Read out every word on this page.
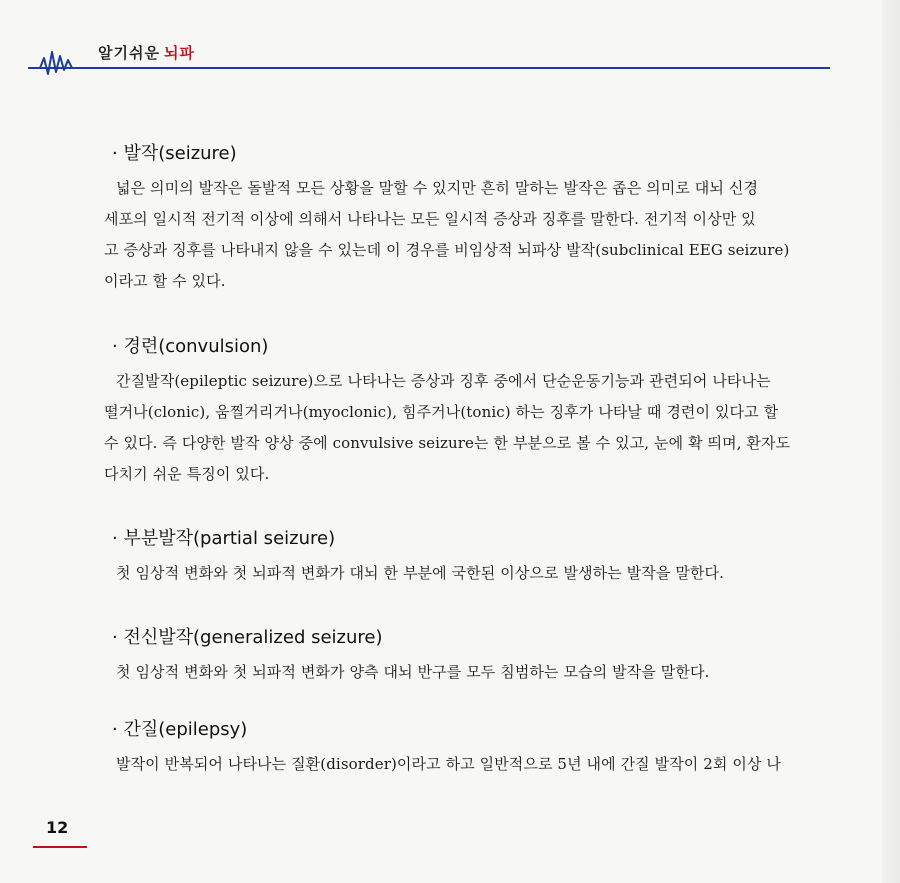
알기쉬운 뇌파
· 발작(seizure)
넓은 의미의 발작은 돌발적 모든 상황을 말할 수 있지만 흔히 말하는 발작은 좁은 의미로 대뇌 신경
세포의 일시적 전기적 이상에 의해서 나타나는 모든 일시적 증상과 징후를 말한다. 전기적 이상만 있
고 증상과 징후를 나타내지 않을 수 있는데 이 경우를 비임상적 뇌파상 발작(subclinical EEG seizure)
이라고 할 수 있다.
· 경련(convulsion)
간질발작(epileptic seizure)으로 나타나는 증상과 징후 중에서 단순운동기능과 관련되어 나타나는
떨거나(clonic), 움찔거리거나(myoclonic), 힘주거나(tonic) 하는 징후가 나타날 때 경련이 있다고 할
수 있다. 즉 다양한 발작 양상 중에 convulsive seizure는 한 부분으로 볼 수 있고, 눈에 확 띄며, 환자도
다치기 쉬운 특징이 있다.
· 부분발작(partial seizure)
첫 임상적 변화와 첫 뇌파적 변화가 대뇌 한 부분에 국한된 이상으로 발생하는 발작을 말한다.
· 전신발작(generalized seizure)
첫 임상적 변화와 첫 뇌파적 변화가 양측 대뇌 반구를 모두 침범하는 모습의 발작을 말한다.
· 간질(epilepsy)
발작이 반복되어 나타나는 질환(disorder)이라고 하고 일반적으로 5년 내에 간질 발작이 2회 이상 나
12
